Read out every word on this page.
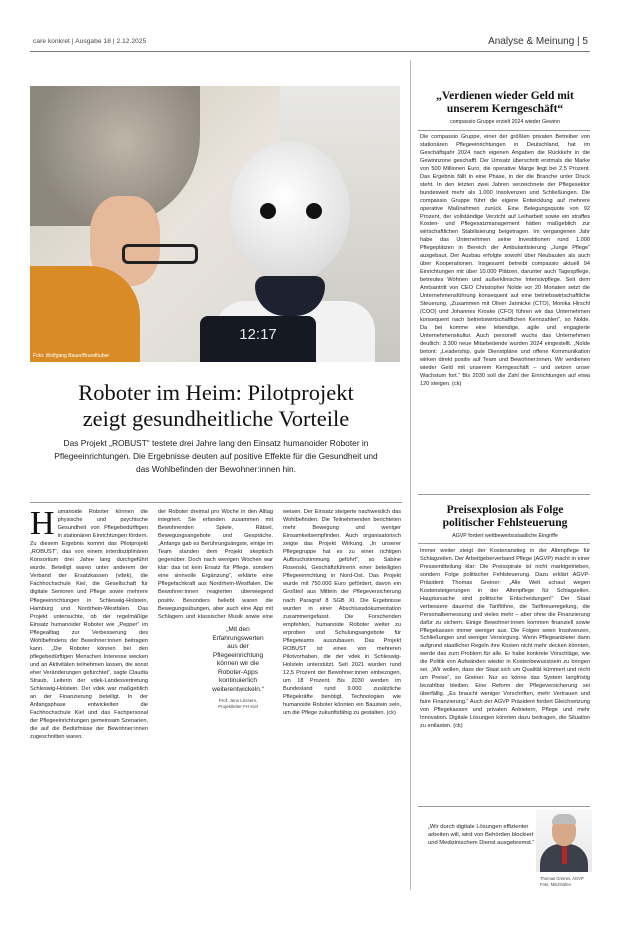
care konkret | Ausgabe 18 | 2.12.2025	Analyse & Meinung | 5
12:17
Foto: Wolfgang Bauer/Brandhuber
Roboter im Heim: Pilotprojekt
zeigt gesundheitliche Vorteile

Das Projekt „ROBUST“ testete drei Jahre lang den Einsatz humanoider Roboter in Pflegeeinrichtungen. Die Ergebnisse deuten auf positive Effekte für die Gesundheit und das Wohlbefinden der Bewohner:innen hin.

H umanoide Roboter können die physische und psychische Gesundheit von Pflegebedürftigen in stationären Einrichtungen fördern. Zu diesem Ergebnis kommt das Pilotprojekt „ROBUST“, das von einem interdisziplinären Konsortium drei Jahre lang durchgeführt wurde. Beteiligt waren unter anderem der Verband der Ersatzkassen (vdek), die Fachhochschule Kiel, die Gesellschaft für digitale Senioren und Pflege sowie mehrere Pflegeeinrichtungen in Schleswig-Holstein, Hamburg und Nordrhein-Westfalen. Das Projekt untersuchte, ob der regelmäßige Einsatz humanoider Roboter wie „Pepper“ im Pflegealltag zur Verbesserung des Wohlbefindens der Bewohner:innen beitragen kann. „Die Roboter können bei den pflegebedürftigen Menschen Interesse wecken und an Aktivitäten teilnehmen lassen, die sonst eher Veränderungen gefürchtet“, sagte Claudia Straub, Leiterin der vdek-Landesvertretung Schleswig-Holstein. Der vdek war maßgeblich an der Finanzierung beteiligt. In der Anfangsphase entwickelten die Fachhochschule Kiel und das Fachpersonal der Pflegeeinrichtungen gemeinsam Szenarien, die auf die Bedürfnisse der Bewohner:innen zugeschnitten waren.
der Roboter dreimal pro Woche in den Alltag integriert. Sie erfanden zusammen mit Bewohnenden Spiele, Rätsel, Bewegungsangebote und Gespräche. „Anfangs gab es Berührungsängste, einige im Team standen dem Projekt skeptisch gegenüber. Doch nach wenigen Wochen war klar: das ist kein Ersatz für Pflege, sondern eine sinnvolle Ergänzung“, erklärte eine Pflegefachkraft aus Nordrhein-Westfalen. Die Bewohner:innen reagierten überwiegend positiv. Besonders beliebt waren die Bewegungsübungen, aber auch eine App mit Schlagern und klassischer Musik sowie eine
„Mit den Erfahrungswerten aus der Pflegeeinrichtung können wir die Roboter-Apps kontinuierlich weiterentwickeln.“
Prof. Jens Lüssem, Projektleiter FH Kiel
weisen. Der Einsatz steigerte nachweislich das Wohlbefinden. Die Teilnehmenden berichteten mehr Bewegung und weniger Einsamkeitsempfinden. Auch organisatorisch zeigte das Projekt Wirkung. „In unserer Pflegegruppe hat es zu einer richtigen Aufbruchstimmung geführt“, so Sabine Rosenski, Geschäftsführerin einer beteiligten Pflegeeinrichtung in Nord-Ost. Das Projekt wurde mit 750.000 Euro gefördert, davon ein Großteil aus Mitteln der Pflegeversicherung nach Paragraf 8 SGB XI. Die Ergebnisse wurden in einer Abschlussdokumentation zusammengefasst. Die Forschenden empfehlen, humanoide Roboter weiter zu erproben und Schulungsangebote für Pflegeteams auszubauen. Das Projekt ROBUST ist eines von mehreren Pilotvorhaben, die der vdek in Schleswig-Holstein unterstützt. Seit 2021 wurden rund 12,5 Prozent der Bewohner:innen einbezogen, um 18 Prozent. Bis 2030 werden im Bundesland rund 9.000 zusätzliche Pflegekräfte benötigt. Technologien wie humanoide Roboter könnten ein Baustein sein, um die Pflege zukunftsfähig zu gestalten. (ck)
„Verdienen wieder Geld mit unserem Kerngeschäft“

compassio Gruppe erzielt 2024 wieder Gewinn

Die compassio Gruppe, einer der größten privaten Betreiber von stationären Pflegeeinrichtungen in Deutschland, hat im Geschäftsjahr 2024 nach eigenen Angaben die Rückkehr in die Gewinnzone geschafft. Der Umsatz überschritt erstmals die Marke von 500 Millionen Euro, die operative Marge liegt bei 2,5 Prozent. Das Ergebnis fällt in eine Phase, in der die Branche unter Druck steht. In den letzten zwei Jahren verzeichnete der Pflegesektor bundesweit mehr als 1.000 Insolvenzen und Schließungen. Die compassio Gruppe führt die eigene Entwicklung auf mehrere operative Maßnahmen zurück. Eine Belegungsquote von 92 Prozent, der vollständige Verzicht auf Leiharbeit sowie ein straffes Kosten- und Pflegesatzmanagement hätten maßgeblich zur wirtschaftlichen Stabilisierung beigetragen. Im vergangenen Jahr habe das Unternehmen seine Investitionen rund 1.000 Pflegeplätzen in Bereich der Ambulantisierung „Junge Pflege“ ausgebaut. Der Ausbau erfolgte sowohl über Neubauten als auch über Kooperationen. Insgesamt betreibt compassio aktuell 94 Einrichtungen mit über 10.000 Plätzen, darunter auch Tagespflege, betreutes Wohnen und außerklinische Intensivpflege. Seit dem Amtsantritt von CEO Christopher Nolde vor 20 Monaten setzt die Unternehmensführung konsequent auf eine betriebswirtschaftliche Steuerung. „Zusammen mit Oliver Jannicke (CTO), Monika Hirschl (COO) und Johannes Kroske (CFO) führen wir das Unternehmen konsequent nach betriebswirtschaftlichen Kennzahlen“, so Nolde. Da bei komme eine lebendige, agile und engagierte Unternehmenskultur. Auch personell wuchs das Unternehmen deutlich: 3.300 neue Mitarbeitende wurden 2024 eingestellt. „Nolde betont: „Leadership, gute Dienstpläne und offene Kommunikation wirken direkt positiv auf Team und Bewohner:innen. Wir verdienen wieder Geld mit unserem Kerngeschäft – und setzen unser Wachstum fort.“ Bis 2030 soll die Zahl der Einrichtungen auf etwa 120 steigen. (ck)

Preisexplosion als Folge politischer Fehlsteuerung

AGVP fordert wettbewerbsstaatliche Eingriffe

Immer weiter steigt der Kostenanstieg in der Altenpflege für Schlagzeilen. Der Arbeitgeberverband Pflege (AGVP) macht in einer Pressemitteilung klar: Die Preisspirale ist nicht marktgetrieben, sondern Folge politischer Fehlsteuerung. Dazu erklärt AGVP-Präsident Thomas Greiner: „Alle Welt schaut wegen Kostensteigerungen in der Altenpflege für Schlagzeilen. Hauptursache sind politische Entscheidungen!“ Der Staat verbessere dauernd die Tariflöhne, die Tariftreueregelung, die Personalbemessung und vieles mehr – aber ohne die Finanzierung dafür zu sichern. Einige Bewohner:innen kommen finanziell sowie Pflegekassen immer weniger aus. Die Folgen seien Insolvenzen, Schließungen und weniger Versorgung. Wenn Pflegeanbieter dann aufgrund staatlicher Regeln ihre Kosten nicht mehr decken könnten, werde das zum Problem für alle. Er habe konkrete Vorschläge, wie die Politik von Aufwänden wieder in Kostenbewusstsein zu bringen sei. „Wir wollen, dass der Staat sich um Qualität kümmert und nicht um Preise“, so Greiner. Nur so könne das System langfristig bezahlbar bleiben. Eine Reform der Pflegeversicherung sei überfällig. „Es braucht weniger Vorschriften, mehr Vertrauen und faire Finanzierung.“ Auch der AGVP Präsident fordert Gleichsetzung von Pflegekassen und privaten Anbietern, Pflege und mehr Innovation. Digitale Lösungen könnten dazu beitragen, die Situation zu entlasten. (ck)

„Wir durch digitale Lösungen effizienter arbeiten will, wird von Behörden blockiert und Medizinischem Dienst ausgebremst.“
Thomas Greiner, AGVP Foto: Milchhöfen
